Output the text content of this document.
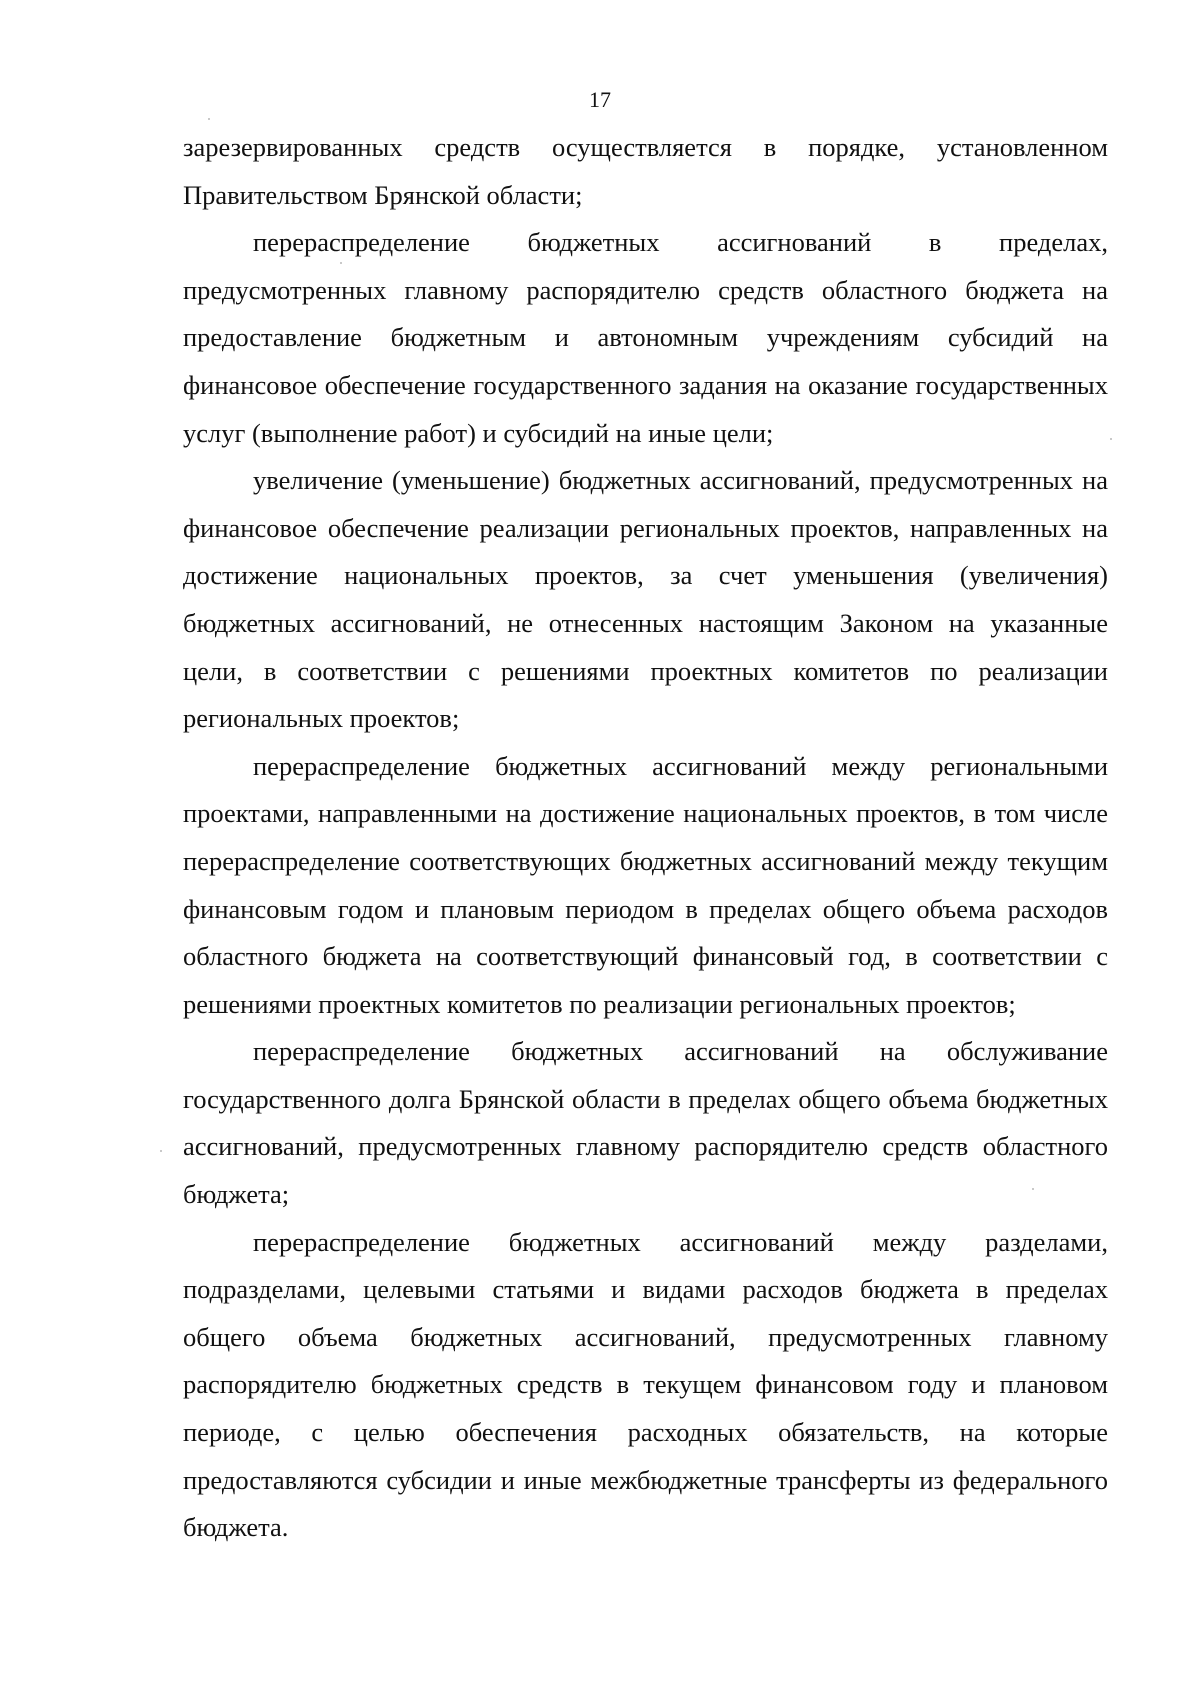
17

зарезервированных средств осуществляется в порядке, установленном Правительством Брянской области;

перераспределение бюджетных ассигнований в пределах, предусмотренных главному распорядителю средств областного бюджета на предоставление бюджетным и автономным учреждениям субсидий на финансовое обеспечение государственного задания на оказание государственных услуг (выполнение работ) и субсидий на иные цели;

увеличение (уменьшение) бюджетных ассигнований, предусмотренных на финансовое обеспечение реализации региональных проектов, направленных на достижение национальных проектов, за счет уменьшения (увеличения) бюджетных ассигнований, не отнесенных настоящим Законом на указанные цели, в соответствии с решениями проектных комитетов по реализации региональных проектов;

перераспределение бюджетных ассигнований между региональными проектами, направленными на достижение национальных проектов, в том числе перераспределение соответствующих бюджетных ассигнований между текущим финансовым годом и плановым периодом в пределах общего объема расходов областного бюджета на соответствующий финансовый год, в соответствии с решениями проектных комитетов по реализации региональных проектов;

перераспределение бюджетных ассигнований на обслуживание государственного долга Брянской области в пределах общего объема бюджетных ассигнований, предусмотренных главному распорядителю средств областного бюджета;

перераспределение бюджетных ассигнований между разделами, подразделами, целевыми статьями и видами расходов бюджета в пределах общего объема бюджетных ассигнований, предусмотренных главному распорядителю бюджетных средств в текущем финансовом году и плановом периоде, с целью обеспечения расходных обязательств, на которые предоставляются субсидии и иные межбюджетные трансферты из федерального бюджета.
